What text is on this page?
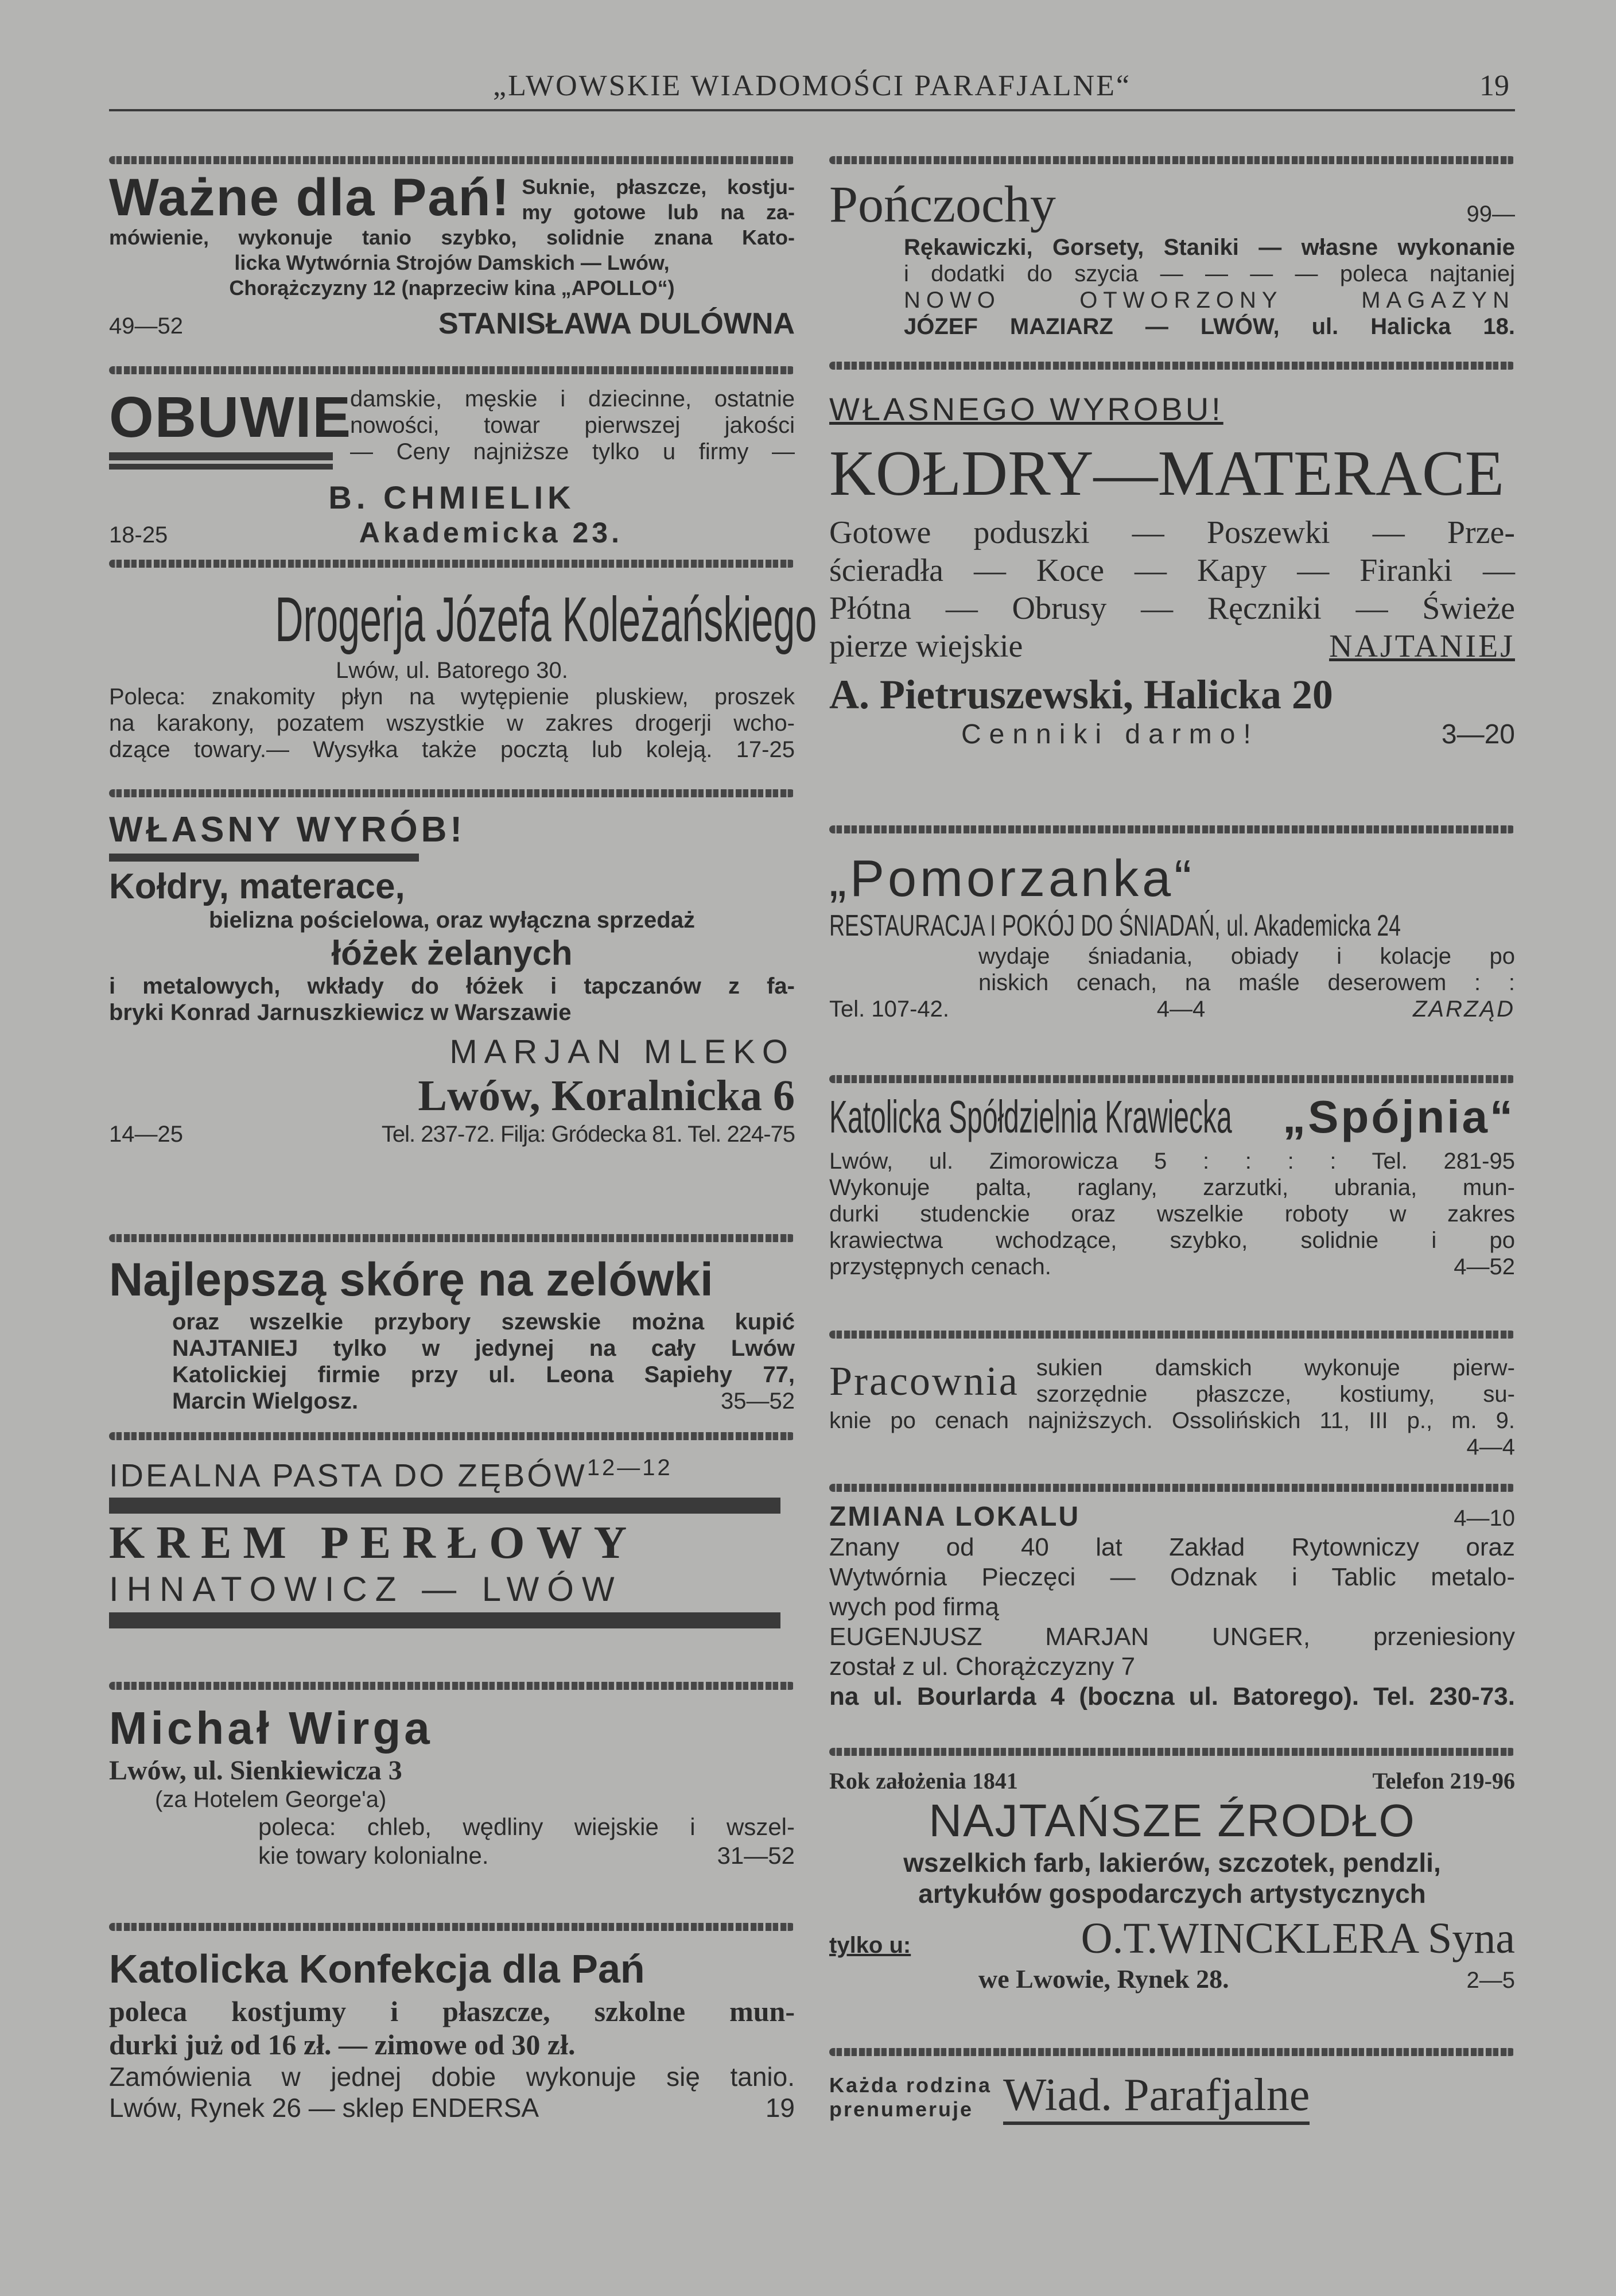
„LWOWSKIE WIADOMOŚCI PARAFJALNE“	19
Ważne dla Pań! Suknie, płaszcze, kostju-
my gotowe lub na za-
mówienie, wykonuje tanio szybko, solidnie znana Kato-
licka Wytwórnia Strojów Damskich — Lwów,
Chorążczyzny 12 (naprzeciw kina „APOLLO“)
49—52	STANISŁAWA DULÓWNA
OBUWIE
damskie, męskie i dziecinne, ostatnie
nowości, towar pierwszej jakości
— Ceny najniższe tylko u firmy —
B. CHMIELIK
18-25	Akademicka 23.
Drogerja Józefa Koleżańskiego
Lwów, ul. Batorego 30.
Poleca: znakomity płyn na wytępienie pluskiew, proszek
na karakony, pozatem wszystkie w zakres drogerji wcho-
dzące towary.— Wysyłka także pocztą lub koleją. 17-25
WŁASNY WYRÓB!
Kołdry, materace,
bielizna pościelowa, oraz wyłączna sprzedaż
łóżek żelanych
i metalowych, wkłady do łóżek i tapczanów z fa-
bryki Konrad Jarnuszkiewicz w Warszawie
MARJAN MLEKO
Lwów, Koralnicka 6
14—25	Tel. 237-72. Filja: Gródecka 81. Tel. 224-75
Najlepszą skórę na zelówki
oraz wszelkie przybory szewskie można kupić
NAJTANIEJ tylko w jedynej na cały Lwów
Katolickiej firmie przy ul. Leona Sapiehy 77,
Marcin Wielgosz.	35—52
IDEALNA PASTA DO $ZĘBÓW^{12—12}$
KREM PERŁOWY
IHNATOWICZ — LWÓW
Michał Wirga
Lwów, ul. Sienkiewicza 3
(za Hotelem George'a)
poleca: chleb, wędliny wiejskie i wszel-
kie towary kolonialne.	31—52
Katolicka Konfekcja dla Pań
poleca kostjumy i płaszcze, szkolne mun-
durki już od 16 zł. — zimowe od 30 zł.
Zamówienia w jednej dobie wykonuje się tanio.
Lwów, Rynek 26 — sklep ENDERSA	19
Pończochy	99—
Rękawiczki, Gorsety, Staniki — własne wykonanie
i dodatki do szycia — — — — poleca najtaniej
NOWO OTWORZONY MAGAZYN
JÓZEF MAZIARZ — LWÓW, ul. Halicka 18.
WŁASNEGO WYROBU!
KOŁDRY—MATERACE
Gotowe poduszki — Poszewki — Prze-
ścieradła — Koce — Kapy — Firanki —
Płótna — Obrusy — Ręczniki — Świeże
pierze wiejskie	NAJTANIEJ
A. Pietruszewski, Halicka 20
Cenniki darmo!	3—20
„Pomorzanka“
RESTAURACJA I POKÓJ DO ŚNIADAŃ, ul. Akademicka 24
wydaje śniadania, obiady i kolacje po
niskich cenach, na maśle deserowem : :
Tel. 107-42.	4—4	ZARZĄD
Katolicka Spółdzielnia Krawiecka „Spójnia“
Lwów, ul. Zimorowicza 5 : : : : Tel. 281-95
Wykonuje palta, raglany, zarzutki, ubrania, mun-
durki studenckie oraz wszelkie roboty w zakres
krawiectwa wchodzące, szybko, solidnie i po
przystępnych cenach.	4—52
Pracownia sukien damskich wykonuje pierw-
szorzędnie płaszcze, kostiumy, su-
knie po cenach najniższych. Ossolińskich 11, III p., m. 9.
4—4
ZMIANA LOKALU	4—10
Znany od 40 lat Zakład Rytowniczy oraz
Wytwórnia Pieczęci — Odznak i Tablic metalo-
wych pod firmą
EUGENJUSZ MARJAN UNGER, przeniesiony
został z ul. Chorążczyzny 7
na ul. Bourlarda 4 (boczna ul. Batorego). Tel. 230-73.
Rok założenia 1841	Telefon 219-96
NAJTAŃSZE ŹRODŁO
wszelkich farb, lakierów, szczotek, pendzli,
artykułów gospodarczych artystycznych
tylko u:	O.T.WINCKLERA Syna
we Lwowie, Rynek 28.	2—5
Każda rodzina
prenumeruje Wiad. Parafjalne
